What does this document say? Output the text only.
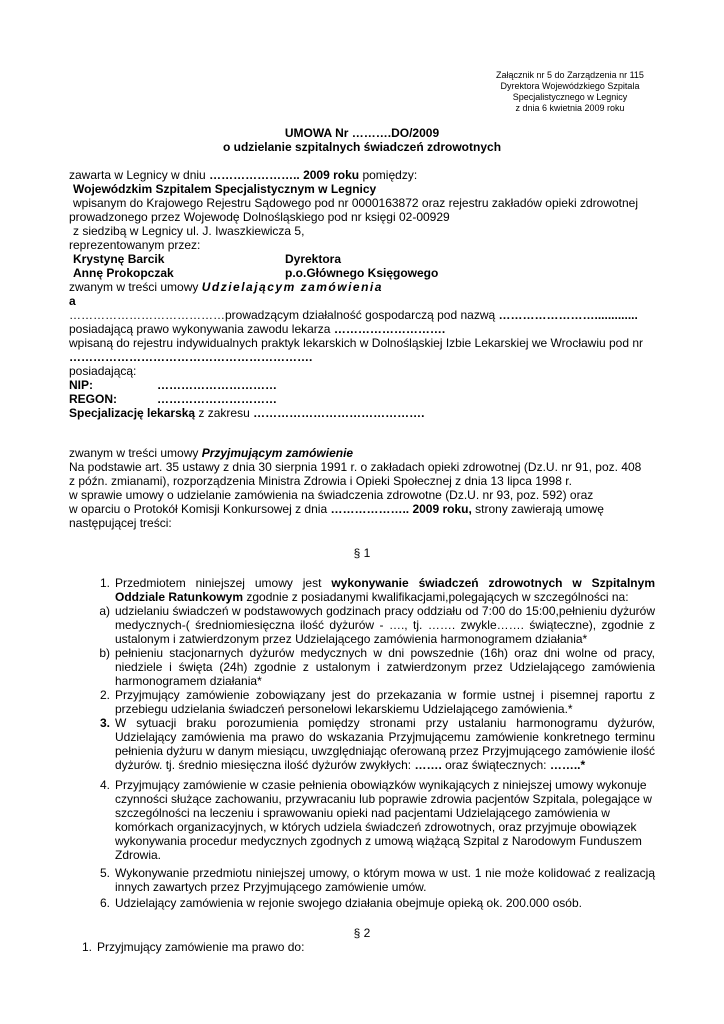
Załącznik nr 5 do Zarządzenia nr 115
Dyrektora Wojewódzkiego Szpitala
Specjalistycznego w Legnicy
z dnia 6 kwietnia 2009 roku
UMOWA Nr ……….DO/2009
o udzielanie szpitalnych świadczeń zdrowotnych
zawarta w Legnicy w dniu ………………….. 2009 roku pomiędzy:
Wojewódzkim Szpitalem Specjalistycznym w Legnicy
wpisanym do Krajowego Rejestru Sądowego pod nr 0000163872 oraz rejestru zakładów opieki zdrowotnej
prowadzonego przez Wojewodę Dolnośląskiego pod nr księgi 02-00929
z siedzibą w Legnicy ul. J. Iwaszkiewicza 5,
reprezentowanym przez:
Krystynę Barcik	Dyrektora
Annę Prokopczak	p.o.Głównego Księgowego
zwanym w treści umowy Udzielającym zamówienia
a
…………………………………prowadzącym działalność gospodarczą pod nazwą …………………….............
posiadającą prawo wykonywania zawodu lekarza ……………………….
wpisaną do rejestru indywidualnych praktyk lekarskich w Dolnośląskiej Izbie Lekarskiej we Wrocławiu pod nr
…………………………………………………….
posiadającą:
NIP:	…………………………
REGON:	…………………………
Specjalizację lekarską z zakresu …………………………………….
zwanym w treści umowy Przyjmującym zamówienie
Na podstawie art. 35 ustawy z dnia 30 sierpnia 1991 r. o zakładach opieki zdrowotnej (Dz.U. nr 91, poz. 408
z późn. zmianami), rozporządzenia Ministra Zdrowia i Opieki Społecznej z dnia 13 lipca 1998 r.
w sprawie umowy o udzielanie zamówienia na świadczenia zdrowotne (Dz.U. nr 93, poz. 592) oraz
w oparciu o Protokół Komisji Konkursowej z dnia ……………….. 2009 roku, strony zawierają umowę
następującej treści:
§ 1
1. Przedmiotem niniejszej umowy jest wykonywanie świadczeń zdrowotnych w Szpitalnym Oddziale Ratunkowym zgodnie z posiadanymi kwalifikacjami,polegających w szczególności na:
a) udzielaniu świadczeń w podstawowych godzinach pracy oddziału od 7:00 do 15:00,pełnieniu dyżurów medycznych-( średniomiesięczna ilość dyżurów - …., tj. ……. zwykle……. świąteczne), zgodnie z ustalonym i zatwierdzonym przez Udzielającego zamówienia harmonogramem działania*
b) pełnieniu stacjonarnych dyżurów medycznych w dni powszednie (16h) oraz dni wolne od pracy, niedziele i święta (24h) zgodnie z ustalonym i zatwierdzonym przez Udzielającego zamówienia harmonogramem działania*
2. Przyjmujący zamówienie zobowiązany jest do przekazania w formie ustnej i pisemnej raportu z przebiegu udzielania świadczeń personelowi lekarskiemu Udzielającego zamówienia.*
3. W sytuacji braku porozumienia pomiędzy stronami przy ustalaniu harmonogramu dyżurów, Udzielający zamówienia ma prawo do wskazania Przyjmującemu zamówienie konkretnego terminu pełnienia dyżuru w danym miesiącu, uwzględniając oferowaną przez Przyjmującego zamówienie ilość dyżurów. tj. średnio miesięczna ilość dyżurów zwykłych: ……. oraz świątecznych: ……..*
4. Przyjmujący zamówienie w czasie pełnienia obowiązków wynikających z niniejszej umowy wykonuje czynności służące zachowaniu, przywracaniu lub poprawie zdrowia pacjentów Szpitala, polegające w szczególności na leczeniu i sprawowaniu opieki nad pacjentami Udzielającego zamówienia w komórkach organizacyjnych, w których udziela świadczeń zdrowotnych, oraz przyjmuje obowiązek wykonywania procedur medycznych zgodnych z umową wiążącą Szpital z Narodowym Funduszem Zdrowia.
5. Wykonywanie przedmiotu niniejszej umowy, o którym mowa w ust. 1 nie może kolidować z realizacją innych zawartych przez Przyjmującego zamówienie umów.
6. Udzielający zamówienia w rejonie swojego działania obejmuje opieką ok. 200.000 osób.
§ 2
1. Przyjmujący zamówienie ma prawo do:
